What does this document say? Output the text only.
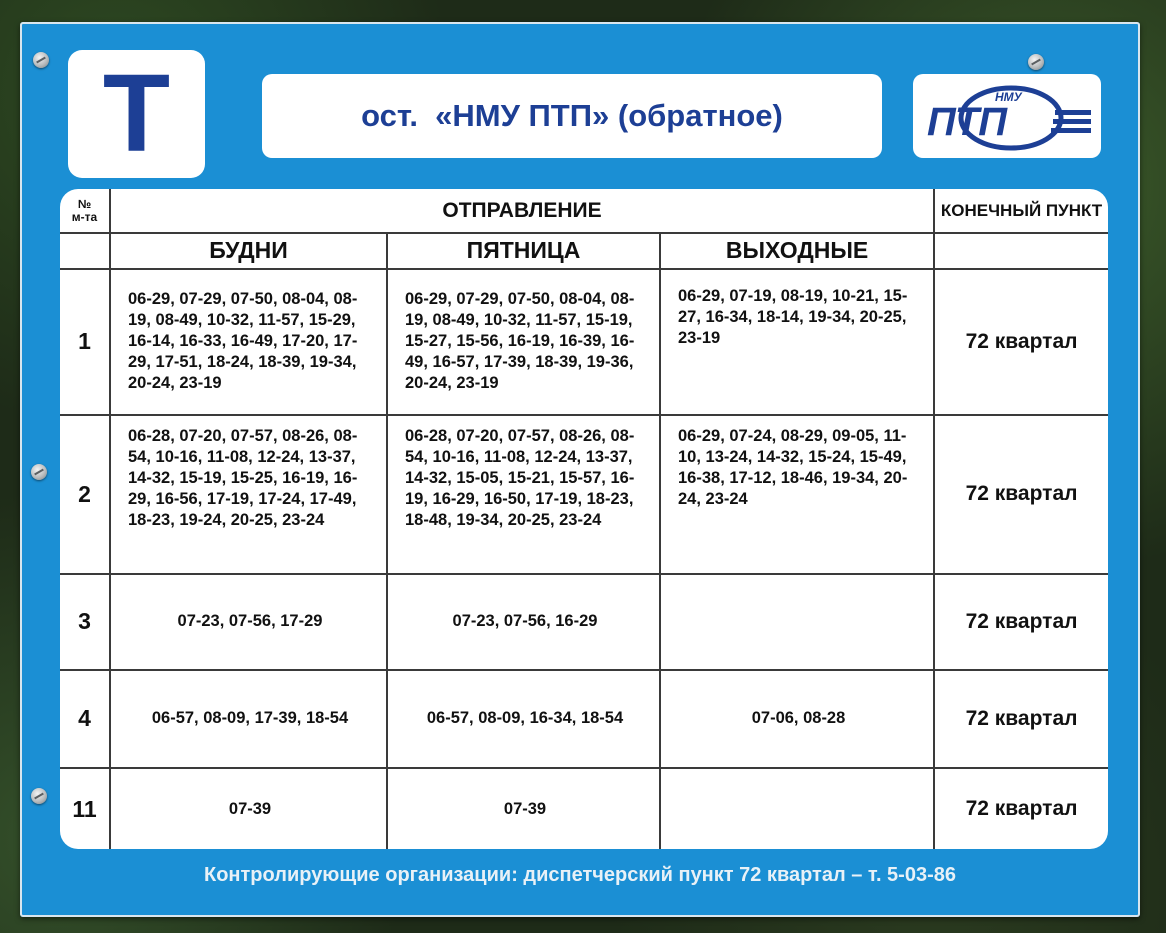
Т	ост.  «НМУ ПТП» (обратное)
НМУ
ПТП
№
м-та	ОТПРАВЛЕНИЕ			КОНЕЧНЫЙ ПУНКТ
	БУДНИ	ПЯТНИЦА	ВЫХОДНЫЕ	
1	06-29, 07-29, 07-50, 08-04, 08-19, 08-49, 10-32, 11-57, 15-29, 16-14, 16-33, 16-49, 17-20, 17-29, 17-51, 18-24, 18-39, 19-34, 20-24, 23-19	06-29, 07-29, 07-50, 08-04, 08-19, 08-49, 10-32, 11-57, 15-19, 15-27, 15-56, 16-19, 16-39, 16-49, 16-57, 17-39, 18-39, 19-36, 20-24, 23-19	06-29, 07-19, 08-19, 10-21, 15-27, 16-34, 18-14, 19-34, 20-25, 23-19	72 квартал
2	06-28, 07-20, 07-57, 08-26, 08-54, 10-16, 11-08, 12-24, 13-37, 14-32, 15-19, 15-25, 16-19, 16-29, 16-56, 17-19, 17-24, 17-49, 18-23, 19-24, 20-25, 23-24	06-28, 07-20, 07-57, 08-26, 08-54, 10-16, 11-08, 12-24, 13-37, 14-32, 15-05, 15-21, 15-57, 16-19, 16-29, 16-50, 17-19, 18-23, 18-48, 19-34, 20-25, 23-24	06-29, 07-24, 08-29, 09-05, 11-10, 13-24, 14-32, 15-24, 15-49, 16-38, 17-12, 18-46, 19-34, 20-24, 23-24	72 квартал
3	07-23, 07-56, 17-29	07-23, 07-56, 16-29		72 квартал
4	06-57, 08-09, 17-39, 18-54	06-57, 08-09, 16-34, 18-54	07-06, 08-28	72 квартал
11	07-39	07-39		72 квартал
Контролирующие организации: диспетчерский пункт 72 квартал – т. 5-03-86
